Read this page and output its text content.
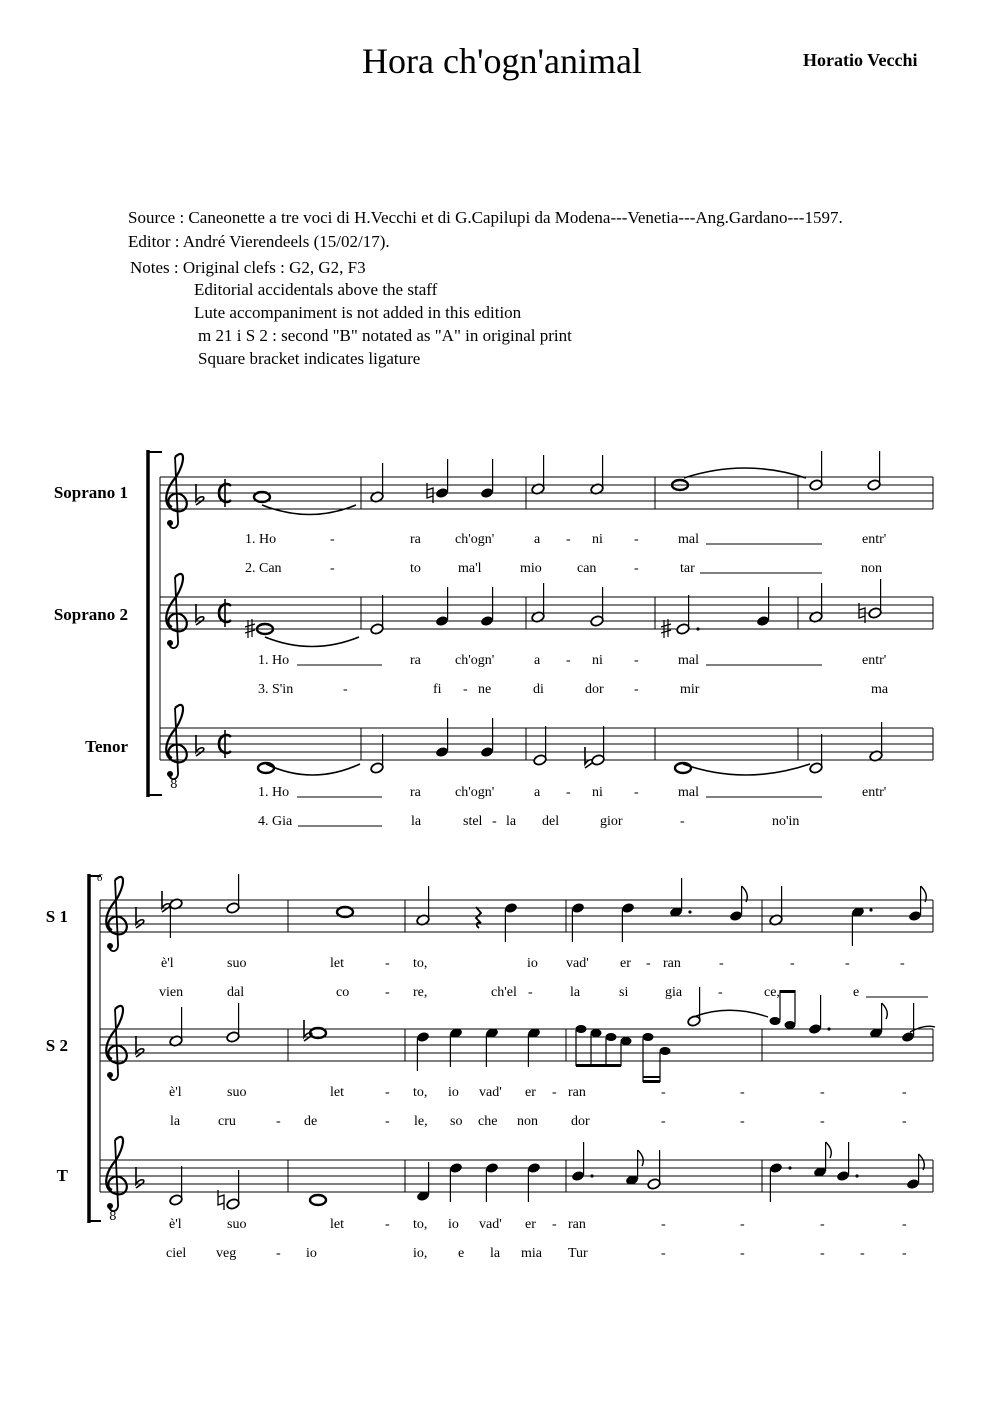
Hora ch'ogn'animal	Horatio Vecchi
Source : Caneonette a tre voci di H.Vecchi et di G.Capilupi da Modena---Venetia---Ang.Gardano---1597.
Editor : André Vierendeels (15/02/17).
Notes : Original clefs : G2, G2, F3
Editorial accidentals above the staff
Lute accompaniment is not added in this edition
m 21 i S 2 : second "B" notated as "A" in original print
Square bracket indicates ligature
Soprano 1
Soprano 2
Tenor
S 1
S 2
T
8
1. Ho	-	ra ch'ogn'	a - ni -	mal	entr'
2. Can	-	to	ma'l	mio	can	-	tar	non
1. Ho	ra ch'ogn'	a - ni -	mal	entr'
3. S'in	-	fi - ne	di	dor -	mir	ma
1. Ho	ra ch'ogn'	a - ni -	mal	entr'
4. Gia	la	stel - la del	gior	-	no'in
6
8
è'l	suo	let	- to,	io vad' er - ran	-	-	-	-
vien	dal	co	- re,	ch'el -	la	si	gia	-	ce,	e
è'l	suo	let	- to, io vad' er - ran	-	-	-	-
la	cru	- de	- le, so che non dor	-	-	-	-
è'l	suo	let	- to, io vad' er - ran	-	-	-	-
ciel veg	- io	io, e la mia Tur	-	-	-	-	-
